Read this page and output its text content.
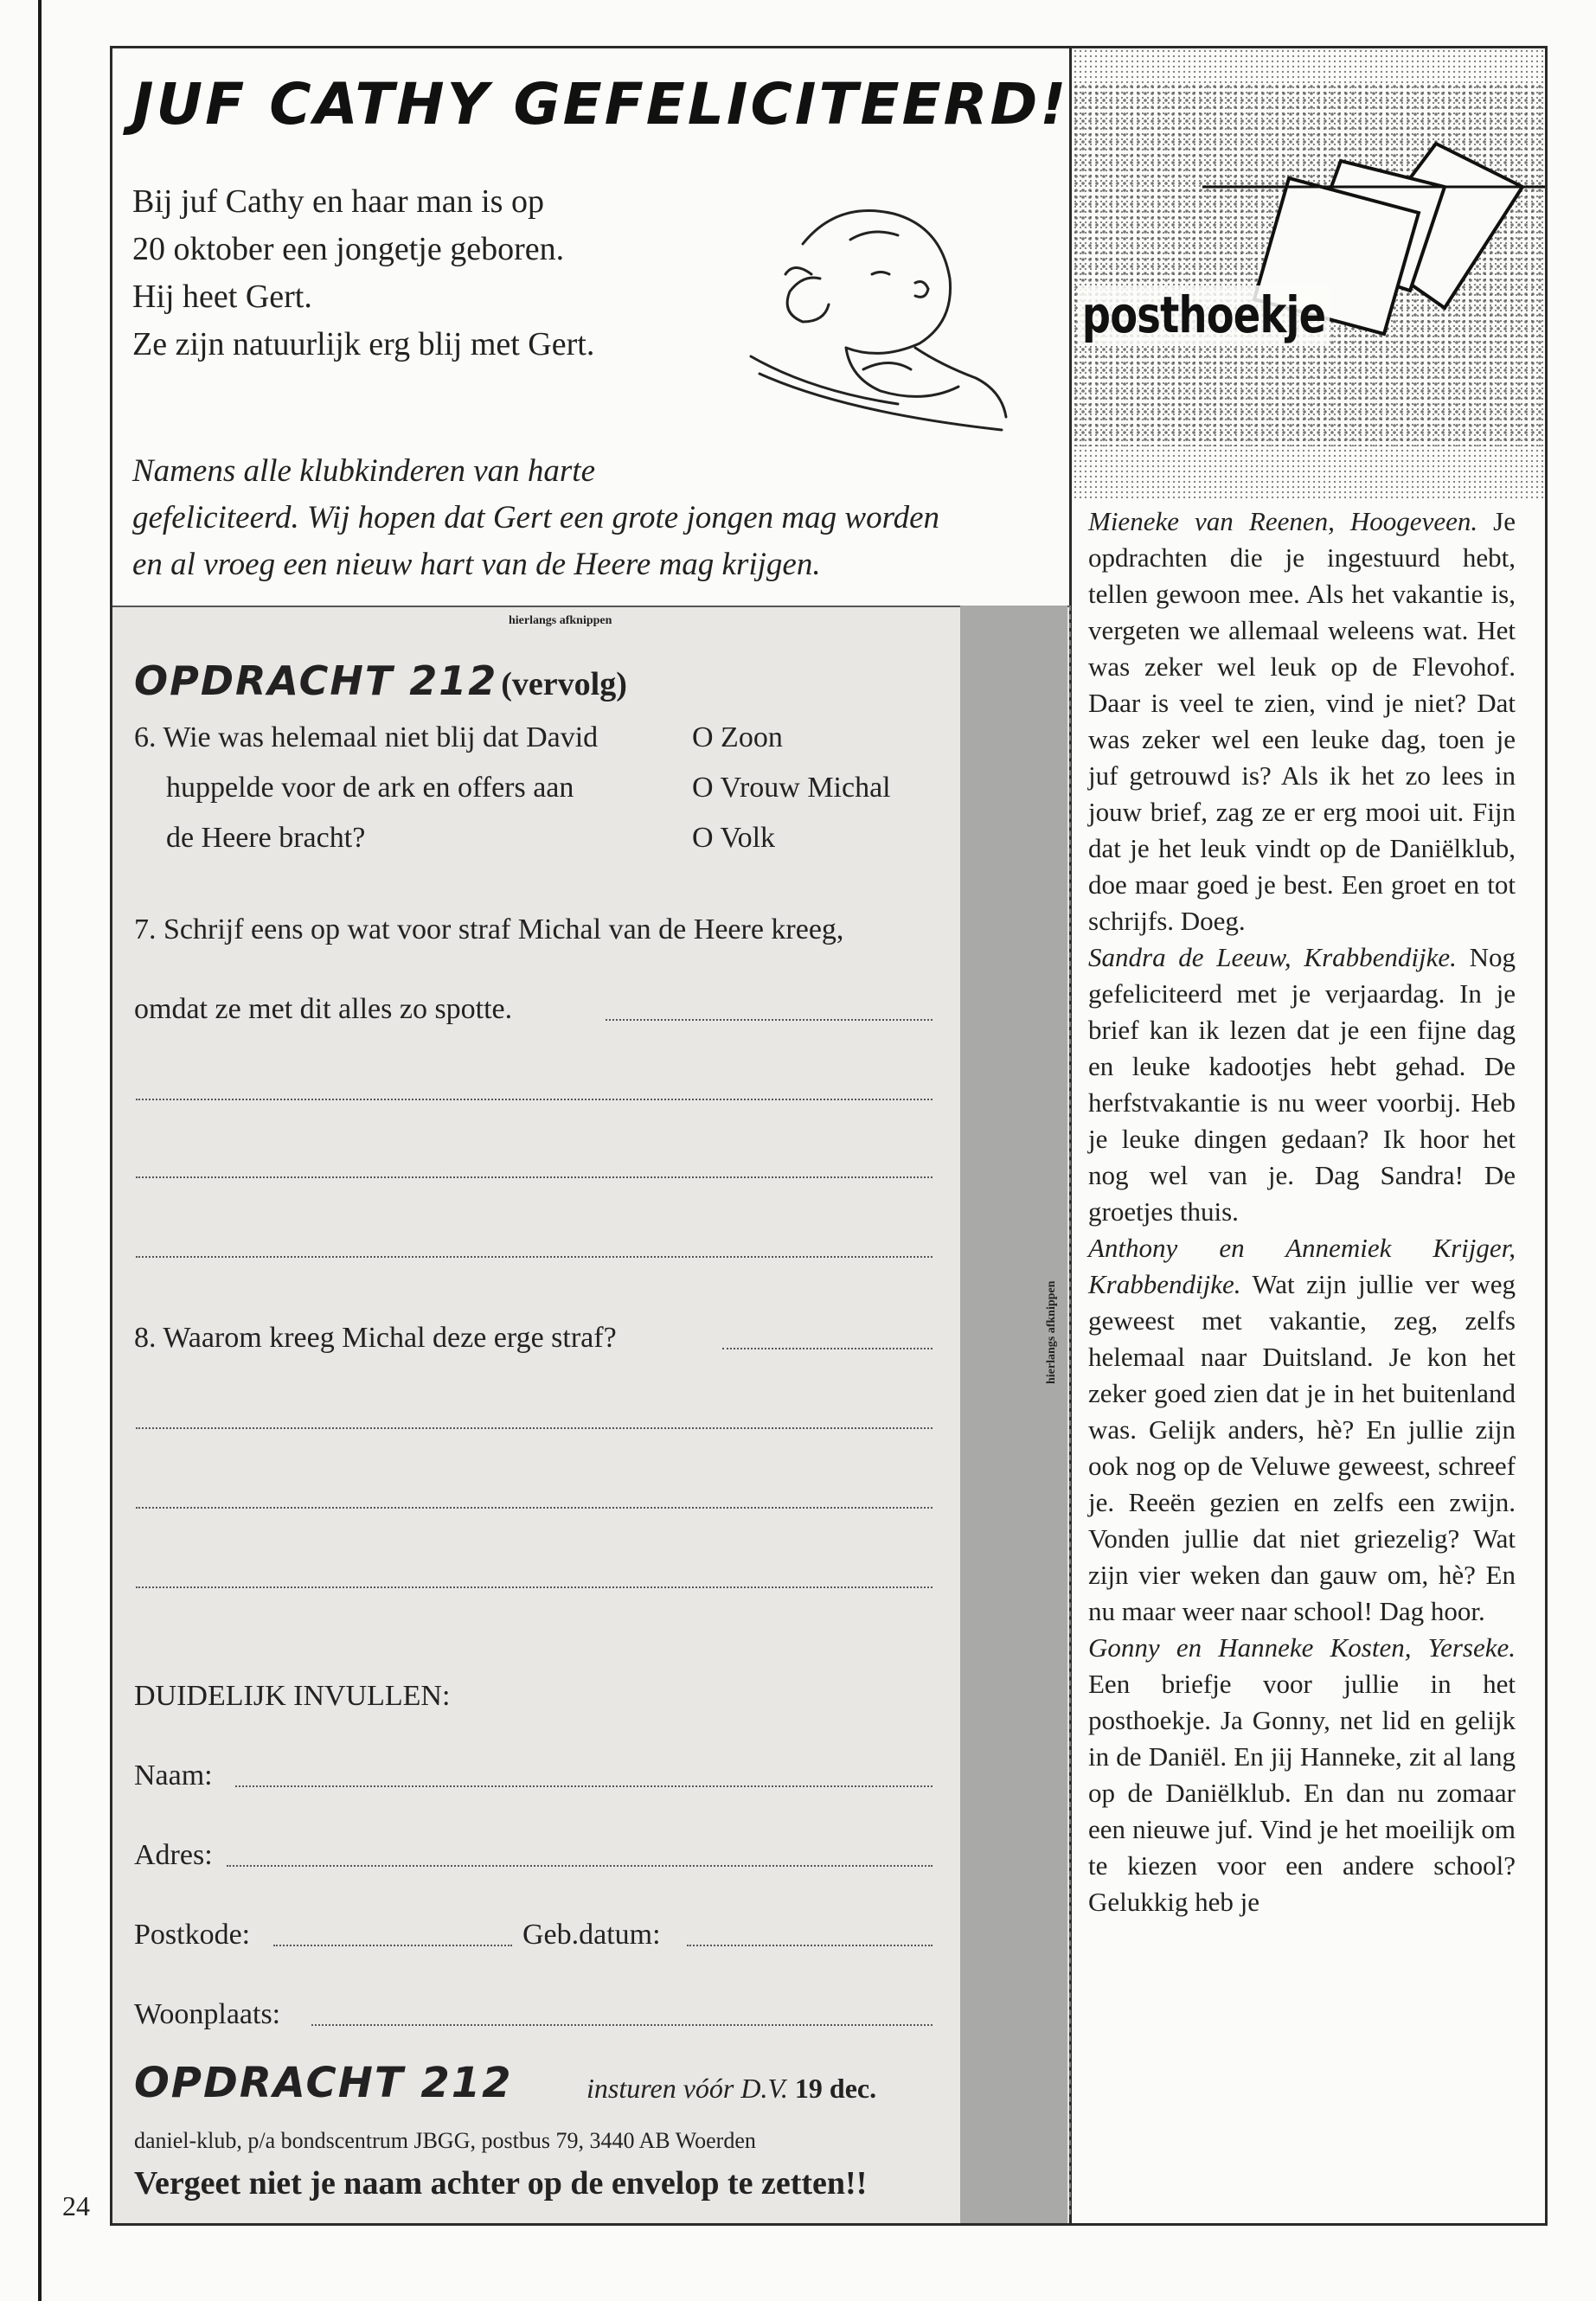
24
JUF CATHY GEFELICITEERD!
Bij juf Cathy en haar man is op
20 oktober een jongetje geboren.
Hij heet Gert.
Ze zijn natuurlijk erg blij met Gert.
Namens alle klubkinderen van harte
gefeliciteerd. Wij hopen dat Gert een grote jongen mag worden
en al vroeg een nieuw hart van de Heere mag krijgen.
hierlangs afknippen
hierlangs afknippen
OPDRACHT 212 (vervolg)
6. Wie was helemaal niet blij dat David
huppelde voor de ark en offers aan
de Heere bracht?
O Zoon
O Vrouw Michal
O Volk
7. Schrijf eens op wat voor straf Michal van de Heere kreeg,
omdat ze met dit alles zo spotte.
8. Waarom kreeg Michal deze erge straf?
DUIDELIJK INVULLEN:
Naam:
Adres:
Postkode:	Geb.datum:
Woonplaats:
OPDRACHT 212	insturen vóór D.V. 19 dec.
daniel-klub, p/a bondscentrum JBGG, postbus 79, 3440 AB Woerden
Vergeet niet je naam achter op de envelop te zetten!!
posthoekje

Mieneke van Reenen, Hoogeveen. Je opdrachten die je ingestuurd hebt, tellen gewoon mee. Als het vakantie is, vergeten we allemaal weleens wat. Het was zeker wel leuk op de Flevohof. Daar is veel te zien, vind je niet? Dat was zeker wel een leuke dag, toen je juf getrouwd is? Als ik het zo lees in jouw brief, zag ze er erg mooi uit. Fijn dat je het leuk vindt op de Daniëlklub, doe maar goed je best. Een groet en tot schrijfs. Doeg.

Sandra de Leeuw, Krabbendijke. Nog gefeliciteerd met je verjaardag. In je brief kan ik lezen dat je een fijne dag en leuke kadootjes hebt gehad. De herfstvakantie is nu weer voorbij. Heb je leuke dingen gedaan? Ik hoor het nog wel van je. Dag Sandra! De groetjes thuis.

Anthony en Annemiek Krijger, Krabbendijke. Wat zijn jullie ver weg geweest met vakantie, zeg, zelfs helemaal naar Duitsland. Je kon het zeker goed zien dat je in het buitenland was. Gelijk anders, hè? En jullie zijn ook nog op de Veluwe geweest, schreef je. Reeën gezien en zelfs een zwijn. Vonden jullie dat niet griezelig? Wat zijn vier weken dan gauw om, hè? En nu maar weer naar school! Dag hoor.

Gonny en Hanneke Kosten, Yerseke. Een briefje voor jullie in het posthoekje. Ja Gonny, net lid en gelijk in de Daniël. En jij Hanneke, zit al lang op de Daniëlklub. En dan nu zomaar een nieuwe juf. Vind je het moeilijk om te kiezen voor een andere school? Gelukkig heb je
